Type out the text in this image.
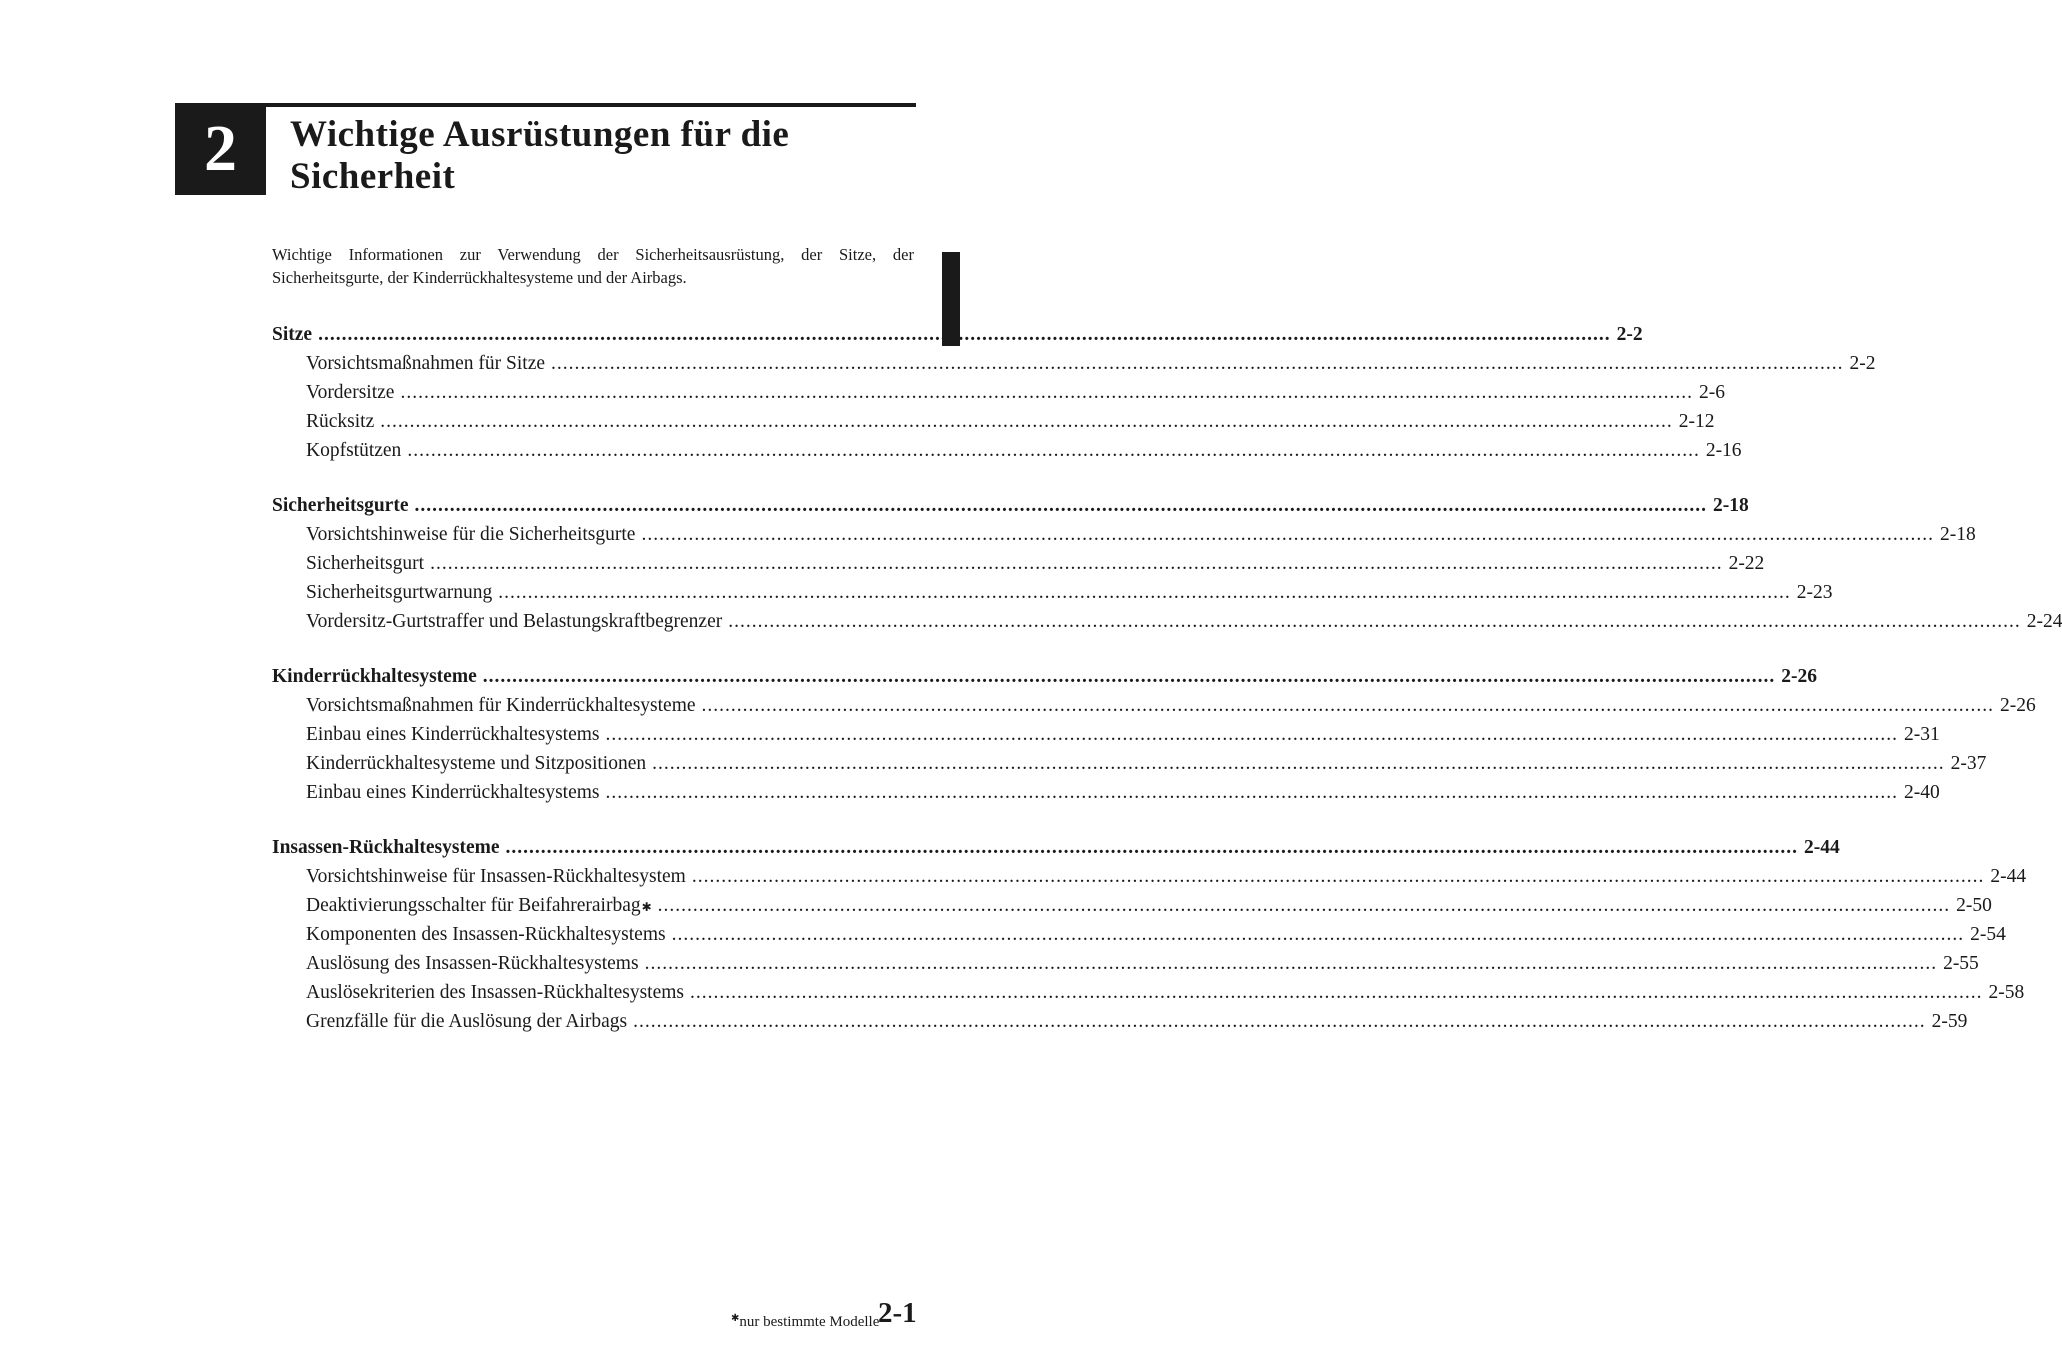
2 Wichtige Ausrüstungen für die
Sicherheit
Wichtige Informationen zur Verwendung der Sicherheitsausrüstung, der Sitze, der Sicherheitsgurte, der Kinderrückhaltesysteme und der Airbags.
Sitze ............................................................................................................................................................................................................................ 2-2
Vorsichtsmaßnahmen für Sitze ............................................................................................................................................................................................................................ 2-2
Vordersitze ............................................................................................................................................................................................................................ 2-6
Rücksitz ............................................................................................................................................................................................................................ 2-12
Kopfstützen ............................................................................................................................................................................................................................ 2-16
Sicherheitsgurte ............................................................................................................................................................................................................................ 2-18
Vorsichtshinweise für die Sicherheitsgurte ............................................................................................................................................................................................................................ 2-18
Sicherheitsgurt ............................................................................................................................................................................................................................ 2-22
Sicherheitsgurtwarnung ............................................................................................................................................................................................................................ 2-23
Vordersitz-Gurtstraffer und Belastungskraftbegrenzer ............................................................................................................................................................................................................................ 2-24
Kinderrückhaltesysteme ............................................................................................................................................................................................................................ 2-26
Vorsichtsmaßnahmen für Kinderrückhaltesysteme ............................................................................................................................................................................................................................ 2-26
Einbau eines Kinderrückhaltesystems ............................................................................................................................................................................................................................ 2-31
Kinderrückhaltesysteme und Sitzpositionen ............................................................................................................................................................................................................................ 2-37
Einbau eines Kinderrückhaltesystems ............................................................................................................................................................................................................................ 2-40
Insassen-Rückhaltesysteme ............................................................................................................................................................................................................................ 2-44
Vorsichtshinweise für Insassen-Rückhaltesystem ............................................................................................................................................................................................................................ 2-44
Deaktivierungsschalter für Beifahrerairbag ✱ ............................................................................................................................................................................................................................ 2-50
Komponenten des Insassen-Rückhaltesystems ............................................................................................................................................................................................................................ 2-54
Auslösung des Insassen-Rückhaltesystems ............................................................................................................................................................................................................................ 2-55
Auslösekriterien des Insassen-Rückhaltesystems ............................................................................................................................................................................................................................ 2-58
Grenzfälle für die Auslösung der Airbags ............................................................................................................................................................................................................................ 2-59
✱nur bestimmte Modelle
2-1
